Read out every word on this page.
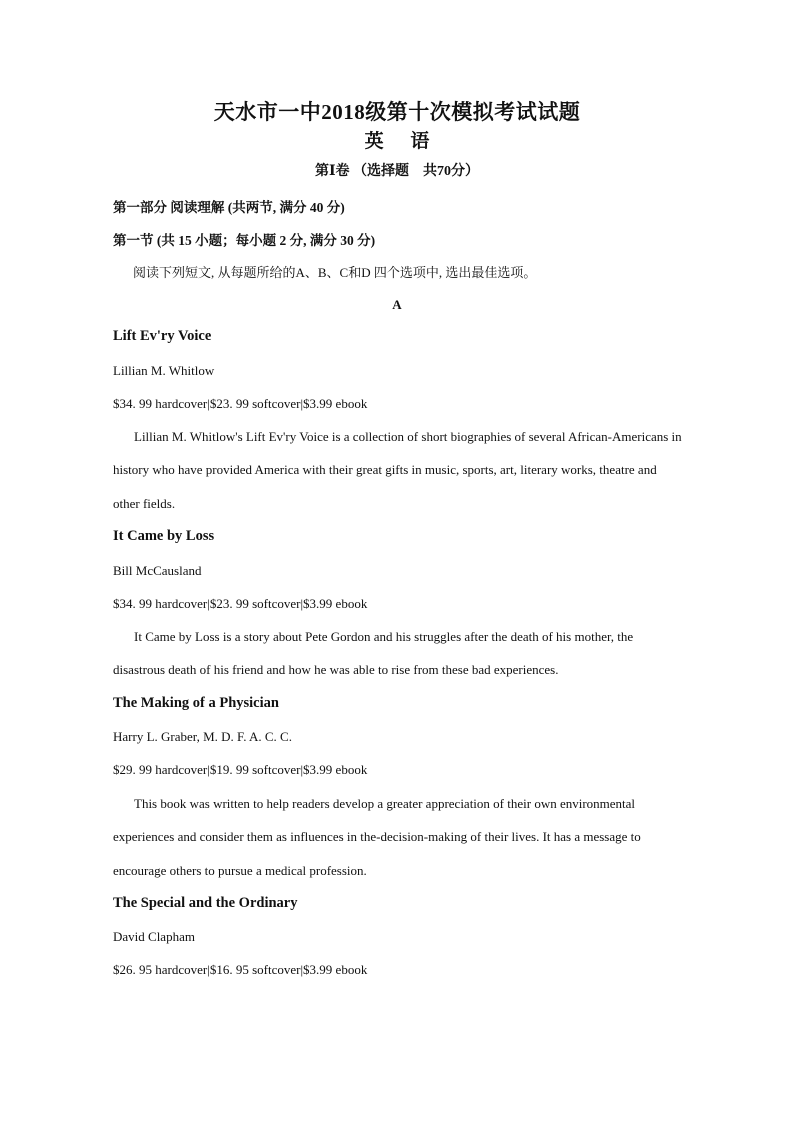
天水市一中2018级第十次模拟考试试题
英 语
第Ⅰ卷 （选择题　共70分）
第一部分 阅读理解 (共两节, 满分 40 分)
第一节 (共 15 小题；每小题 2 分, 满分 30 分)
阅读下列短文, 从每题所给的A、B、C和D 四个选项中, 选出最佳选项。
A
Lift Ev'ry Voice
Lillian M. Whitlow
$34. 99 hardcover|$23. 99 softcover|$3.99 ebook
Lillian M. Whitlow's Lift Ev'ry Voice is a collection of short biographies of several African-Americans in history who have provided America with their great gifts in music, sports, art, literary works, theatre and other fields.
It Came by Loss
Bill McCausland
$34. 99 hardcover|$23. 99 softcover|$3.99 ebook
It Came by Loss is a story about Pete Gordon and his struggles after the death of his mother, the disastrous death of his friend and how he was able to rise from these bad experiences.
The Making of a Physician
Harry L. Graber, M. D. F. A. C. C.
$29. 99 hardcover|$19. 99 softcover|$3.99 ebook
This book was written to help readers develop a greater appreciation of their own environmental experiences and consider them as influences in the-decision-making of their lives. It has a message to encourage others to pursue a medical profession.
The Special and the Ordinary
David Clapham
$26. 95 hardcover|$16. 95 softcover|$3.99 ebook
